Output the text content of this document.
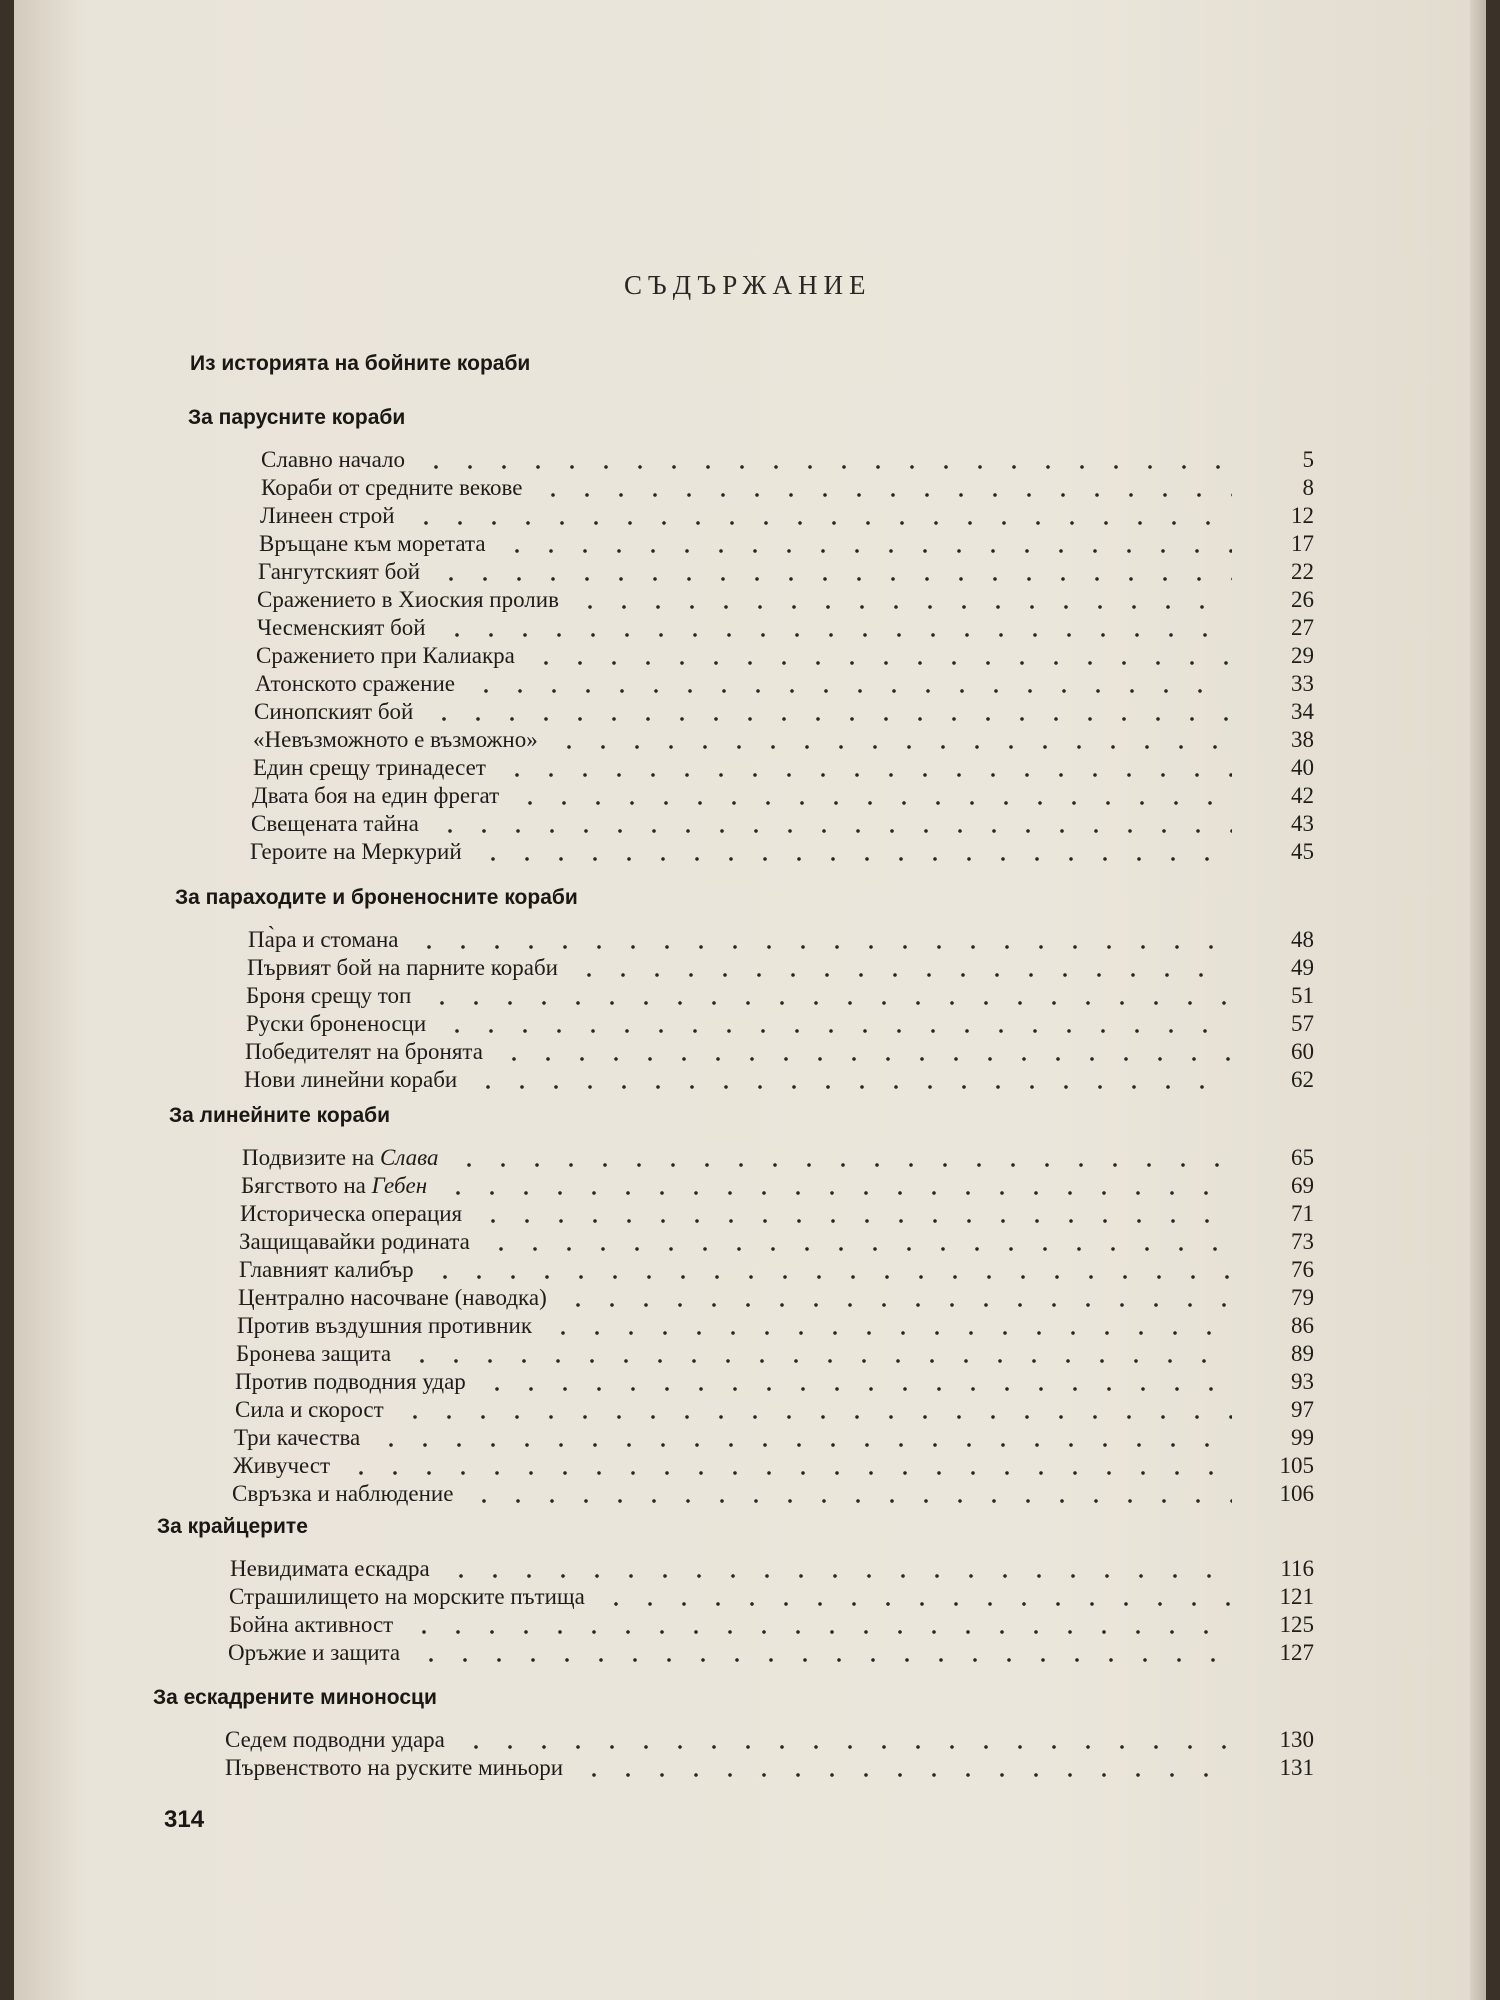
СЪДЪРЖАНИЕ
Из историята на бойните кораби
За парусните кораби
Славно начало	5
Кораби от средните векове	8
Линеен строй	12
Връщане към моретата	17
Гангутският бой	22
Сражението в Хиоския пролив	26
Чесменският бой	27
Сражението при Калиакра	29
Атонското сражение	33
Синопският бой	34
«Невъзможното е възможно»	38
Един срещу тринадесет	40
Двата боя на един фрегат	42
Свещената тайна	43
Героите на Меркурий	45
За параходите и броненосните кораби
Па̀ра и стомана	48
Първият бой на парните кораби	49
Броня срещу топ	51
Руски броненосци	57
Победителят на бронята	60
Нови линейни кораби	62
За линейните кораби
Подвизите на Слава	65
Бягството на Гебен	69
Историческа операция	71
Защищавайки родината	73
Главният калибър	76
Централно насочване (наводка)	79
Против въздушния противник	86
Бронева защита	89
Против подводния удар	93
Сила и скорост	97
Три качества	99
Живучест	105
Свръзка и наблюдение	106
За крайцерите
Невидимата ескадра	116
Страшилището на морските пътища	121
Бойна активност	125
Оръжие и защита	127
За ескадрените миноносци
Седем подводни удара	130
Първенството на руските миньори	131
314
